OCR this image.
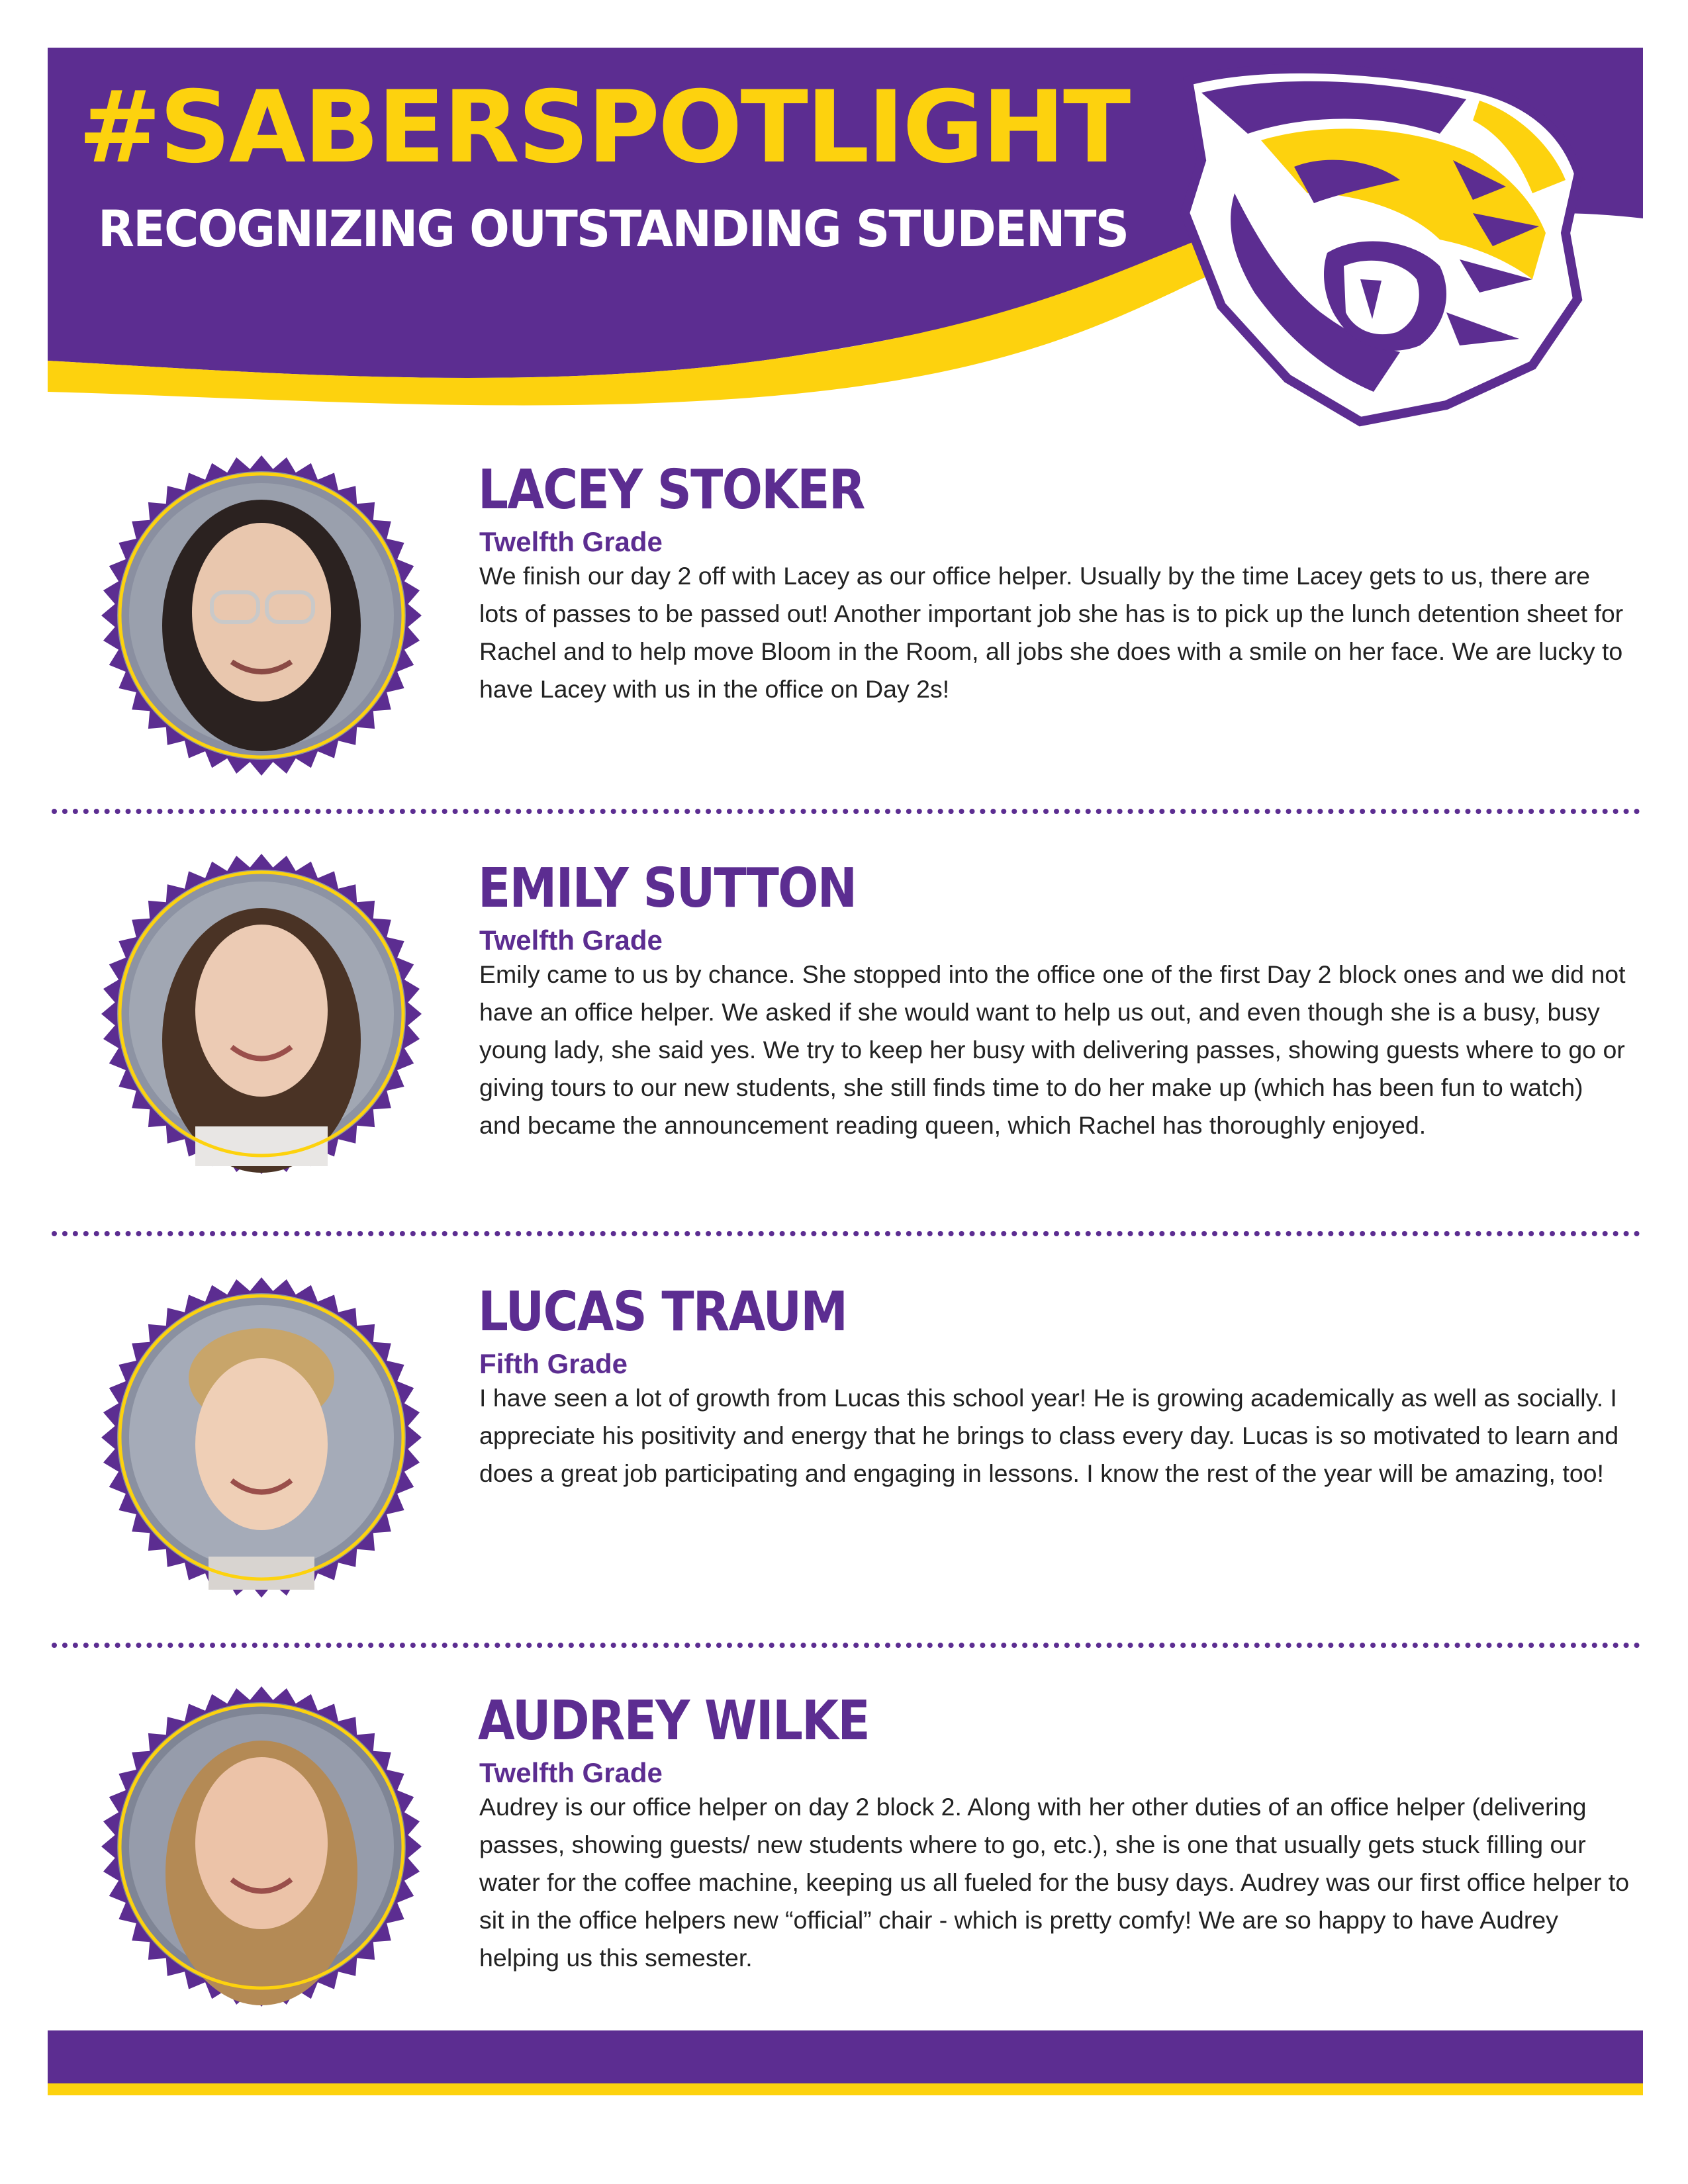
#SABERSPOTLIGHT
RECOGNIZING OUTSTANDING STUDENTS
LACEY STOKER

Twelfth Grade

We finish our day 2 off with Lacey as our office helper. Usually by the time Lacey gets to us, there are lots of passes to be passed out! Another important job she has is to pick up the lunch detention sheet for Rachel and to help move Bloom in the Room, all jobs she does with a smile on her face. We are lucky to have Lacey with us in the office on Day 2s!

EMILY SUTTON

Twelfth Grade

Emily came to us by chance. She stopped into the office one of the first Day 2 block ones and we did not have an office helper. We asked if she would want to help us out, and even though she is a busy, busy young lady, she said yes. We try to keep her busy with delivering passes, showing guests where to go or giving tours to our new students, she still finds time to do her make up (which has been fun to watch) and became the announcement reading queen, which Rachel has thoroughly enjoyed.

LUCAS TRAUM

Fifth Grade

I have seen a lot of growth from Lucas this school year! He is growing academically as well as socially. I appreciate his positivity and energy that he brings to class every day. Lucas is so motivated to learn and does a great job participating and engaging in lessons. I know the rest of the year will be amazing, too!

AUDREY WILKE

Twelfth Grade

Audrey is our office helper on day 2 block 2. Along with her other duties of an office helper (delivering passes, showing guests/ new students where to go, etc.), she is one that usually gets stuck filling our water for the coffee machine, keeping us all fueled for the busy days. Audrey was our first office helper to sit in the office helpers new “official” chair - which is pretty comfy! We are so happy to have Audrey helping us this semester.
